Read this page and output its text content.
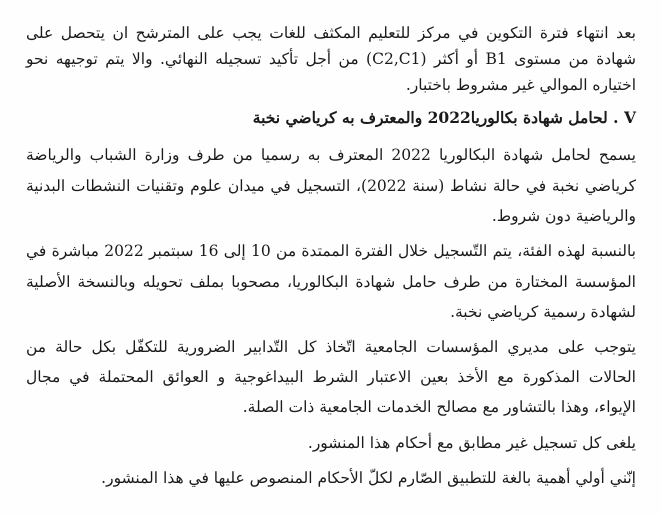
بعد انتهاء فترة التكوين في مركز للتعليم المكثف للغات يجب على المترشح ان يتحصل على
شهادة من مستوى B1 أو أكثر (C2,C1) من أجل تأكيد تسجيله النهائي. والا يتم توجيهه نحو
اختياره الموالي غير مشروط باختبار.
V . لحامل شهادة بكالوريا2022 والمعترف به كرياضي نخبة
يسمح لحامل شهادة البكالوريا 2022 المعترف به رسميا من طرف وزارة الشباب والرياضة
كرياضي نخبة في حالة نشاط (سنة 2022)، التسجيل في ميدان علوم وتقنيات النشطات البدنية
والرياضية دون شروط.
بالنسبة لهذه الفئة، يتم التّسجيل خلال الفترة الممتدة من 10 إلى 16 سبتمبر 2022 مباشرة في
المؤسسة المختارة من طرف حامل شهادة البكالوريا، مصحوبا بملف تحويله وبالنسخة الأصلية
لشهادة رسمية كرياضي نخبة.
يتوجب على مديري المؤسسات الجامعية اتّخاذ كل التّدابير الضرورية للتكفّل بكل حالة من
الحالات المذكورة مع الأخذ بعين الاعتبار الشرط البيداغوجية و العوائق المحتملة في مجال
الإيواء، وهذا بالتشاور مع مصالح الخدمات الجامعية ذات الصلة.
يلغى كل تسجيل غير مطابق مع أحكام هذا المنشور.
إنّني أولي أهمية بالغة للتطبيق الصّارم لكلّ الأحكام المنصوص عليها في هذا المنشور.
